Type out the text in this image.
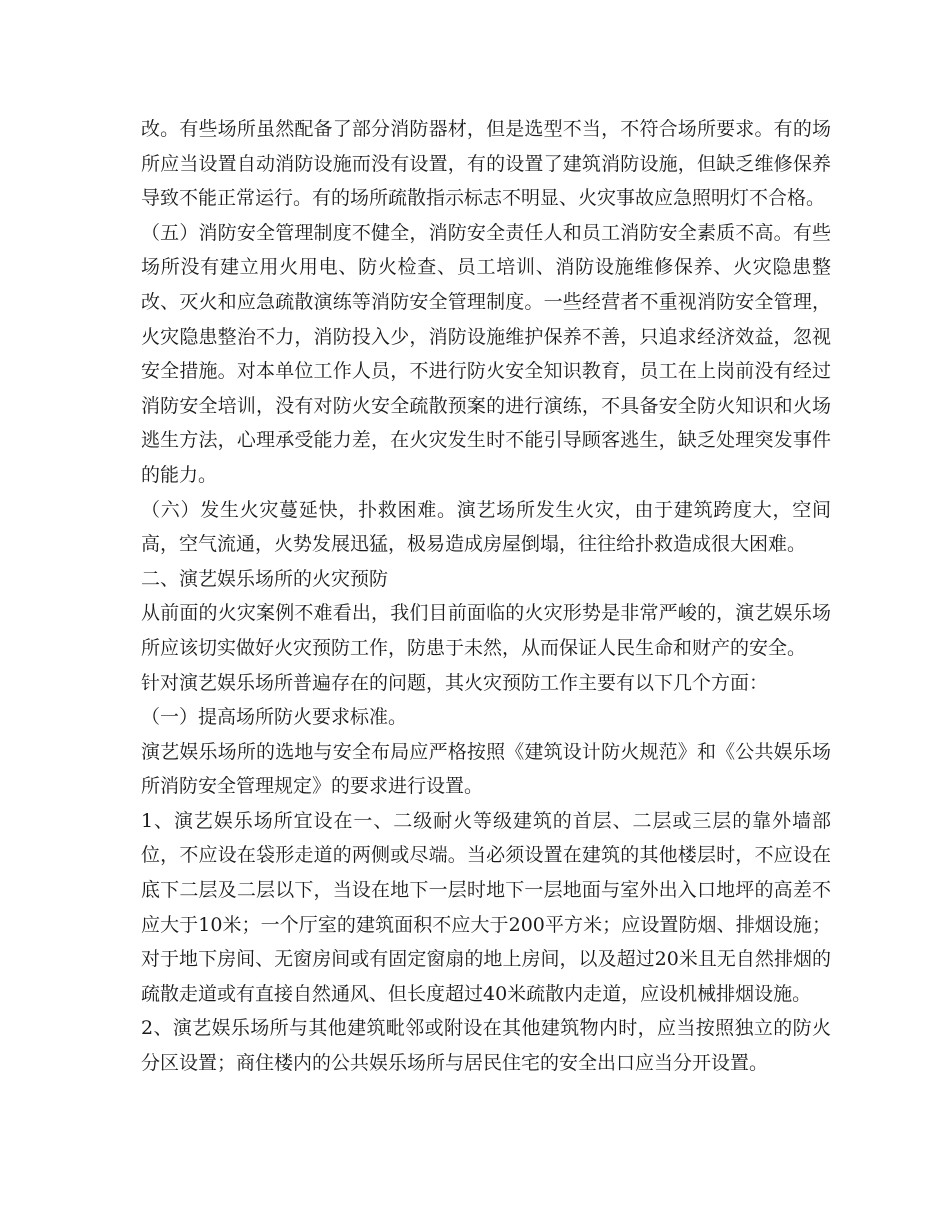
改。有些场所虽然配备了部分消防器材，但是选型不当，不符合场所要求。有的场所应当设置自动消防设施而没有设置，有的设置了建筑消防设施，但缺乏维修保养导致不能正常运行。有的场所疏散指示标志不明显、火灾事故应急照明灯不合格。

（五）消防安全管理制度不健全，消防安全责任人和员工消防安全素质不高。有些场所没有建立用火用电、防火检查、员工培训、消防设施维修保养、火灾隐患整改、灭火和应急疏散演练等消防安全管理制度。一些经营者不重视消防安全管理，火灾隐患整治不力，消防投入少，消防设施维护保养不善，只追求经济效益，忽视安全措施。对本单位工作人员，不进行防火安全知识教育，员工在上岗前没有经过消防安全培训，没有对防火安全疏散预案的进行演练，不具备安全防火知识和火场逃生方法，心理承受能力差，在火灾发生时不能引导顾客逃生，缺乏处理突发事件的能力。

（六）发生火灾蔓延快，扑救困难。演艺场所发生火灾，由于建筑跨度大，空间高，空气流通，火势发展迅猛，极易造成房屋倒塌，往往给扑救造成很大困难。

二、演艺娱乐场所的火灾预防

从前面的火灾案例不难看出，我们目前面临的火灾形势是非常严峻的，演艺娱乐场所应该切实做好火灾预防工作，防患于未然，从而保证人民生命和财产的安全。

针对演艺娱乐场所普遍存在的问题，其火灾预防工作主要有以下几个方面：

（一）提高场所防火要求标准。

演艺娱乐场所的选地与安全布局应严格按照《建筑设计防火规范》和《公共娱乐场所消防安全管理规定》的要求进行设置。

1、演艺娱乐场所宜设在一、二级耐火等级建筑的首层、二层或三层的靠外墙部位，不应设在袋形走道的两侧或尽端。当必须设置在建筑的其他楼层时，不应设在底下二层及二层以下，当设在地下一层时地下一层地面与室外出入口地坪的高差不应大于10米；一个厅室的建筑面积不应大于200平方米；应设置防烟、排烟设施；对于地下房间、无窗房间或有固定窗扇的地上房间，以及超过20米且无自然排烟的疏散走道或有直接自然通风、但长度超过40米疏散内走道，应设机械排烟设施。

2、演艺娱乐场所与其他建筑毗邻或附设在其他建筑物内时，应当按照独立的防火分区设置；商住楼内的公共娱乐场所与居民住宅的安全出口应当分开设置。
